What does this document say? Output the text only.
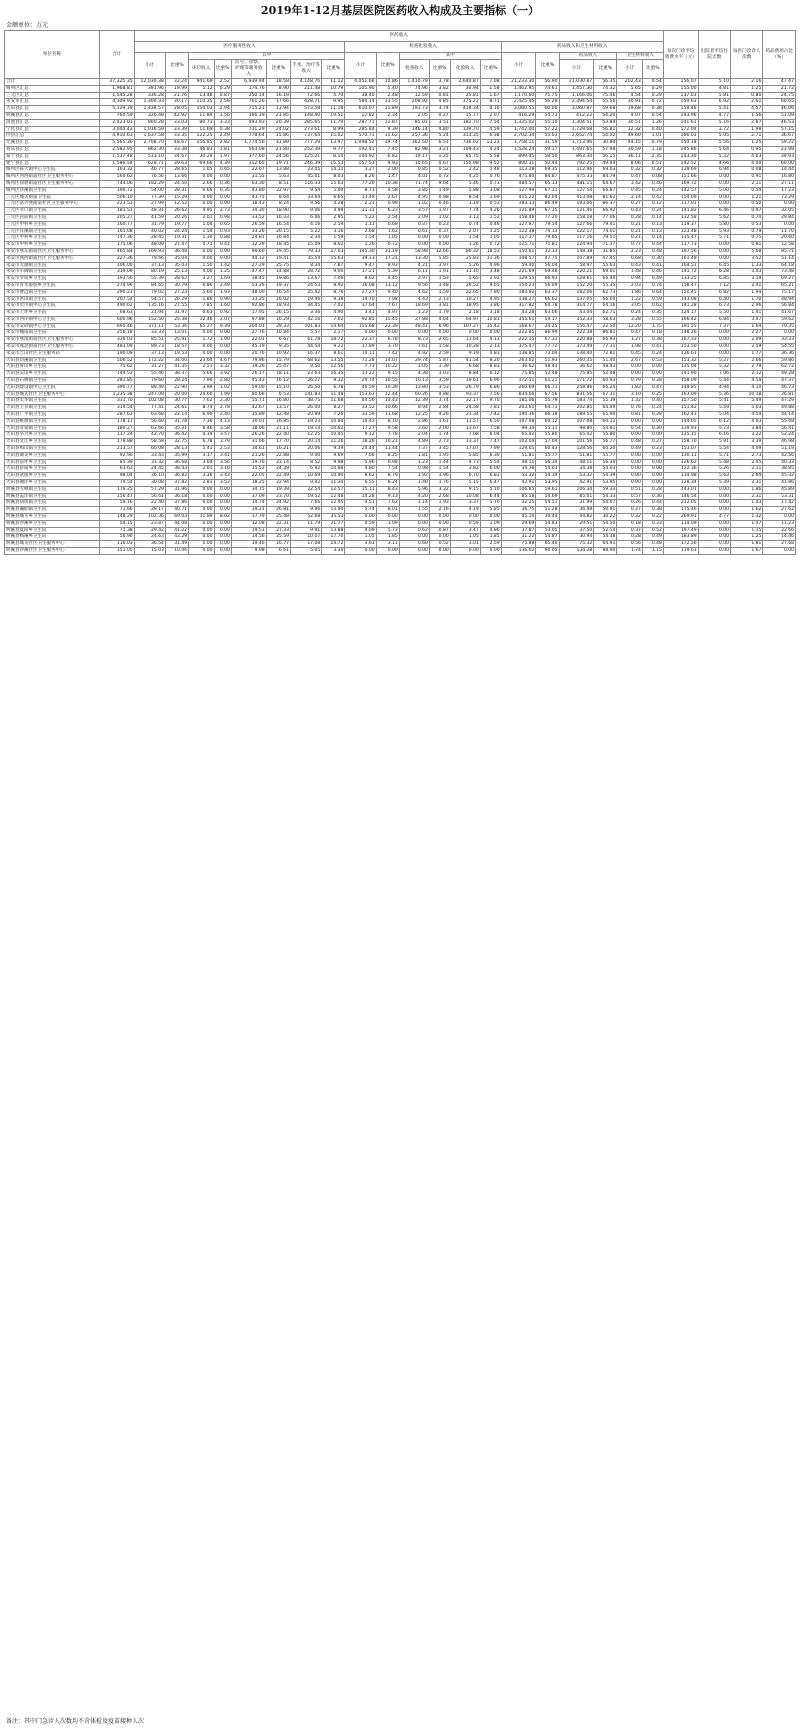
2019年1-12月基层医院医药收入构成及主要指标（一）
金额单位：万元
单位名称	合计	医药收入																				每次门诊平均收费水平（元）	出院者平均住院天数	每医门诊诊人次数	药品费用占比（%）
		医疗服务性收入								检查化验收入						药品收入和卫生材料收入									
		小计	比重%	其中						小计	比重%	其中				小计	比重%	药品收入		卫生材料收入					
				床位收入	比重%	挂号、诊察、护理等服务收入	比重%	手术、治疗等收入	比重%			检查收入	比重%	化验收入	比重%			小计	比重%	小计	比重%				
合计	37,325.35	12,030.38	32.24	941.69	2.52	6,939.94	18.59	4,148.76	11.12	4,051.66	10.86	1,410.79	3.78	2,640.87	7.08	21,233.30	56.90	21,030.87	56.35	202.43	0.54	156.07	5.10	2.16	47.47
梅列区汇总	1,968.81	391.96	19.99	5.12	0.29	174.76	8.90	211.48	10.79	105.90	5.40	74.96	3.82	30.94	1.58	1,462.95	74.61	1,457.30	74.32	5.65	0.29	155.00	4.81	1.25	21.72
三元区汇总	1,545.28	336.28	21.76	13.48	0.87	250.14	16.19	72.66	4.70	38.40	2.48	12.59	0.81	25.81	1.67	1,170.60	75.75	1,166.06	75.46	4.54	0.29	137.03	5.81	0.80	24.75
永安市汇总	4,309.92	1,300.33	30.17	110.35	2.56	761.26	17.66	428.71	9.95	584.14	13.55	208.92	4.85	375.22	8.71	2,425.45	56.28	2,394.54	55.56	30.91	0.72	159.63	6.92	2.61	60.65
大田县汇总	5,129.19	1,438.57	28.05	150.03	2.94	715.21	13.94	573.58	11.18	610.07	11.89	191.73	3.74	418.34	8.16	3,080.55	60.06	3,060.87	59.68	19.68	0.38	158.46	5.41	4.57	46.06
明溪县汇总	760.59	326.48	42.92	11.89	1.56	166.19	21.85	148.40	19.51	17.82	2.34	2.05	0.27	15.77	2.07	416.29	54.73	412.22	54.20	4.07	0.54	193.96	4.77	1.56	51.09
清流县汇总	2,423.01	800.28	33.03	80.71	3.33	493.93	20.39	285.65	11.79	287.71	11.87	85.01	3.51	182.70	7.54	1,335.02	55.10	1,304.51	53.84	30.51	1.26	141.61	5.16	2.67	46.53
宁化县汇总	3,044.43	1,016.59	33.39	11.69	0.38	731.29	24.02	273.61	8.99	285.84	9.39	146.14	4.80	139.70	4.59	1,742.00	57.22	1,729.68	56.81	12.32	0.40	172.04	3.72	1.98	57.15
沙县汇总	4,910.63	1,637.58	33.35	122.25	2.49	778.64	15.86	737.64	15.02	570.71	11.62	257.36	5.24	313.35	6.38	2,702.34	55.03	2,652.74	54.02	49.60	1.01	166.03	5.05	2.71	36.67
尤溪县汇总	5,565.36	2,708.70	48.67	156.85	2.82	1,774.56	31.89	777.29	13.97	1,098.52	19.74	362.50	6.51	736.02	13.23	1,758.11	31.59	1,713.96	30.80	44.15	0.79	150.18	5.56	1.25	59.22
将乐县汇总	2,582.95	862.30	33.38	46.83	1.81	563.08	21.80	252.39	9.77	192.41	7.45	82.98	3.21	109.43	4.24	1,528.24	59.17	1,497.65	57.98	30.59	1.18	145.86	5.64	0.95	23.98
泰宁县汇总	1,537.48	533.10	34.67	30.29	1.97	377.60	24.56	125.21	8.14	104.92	6.82	19.17	1.25	85.75	5.58	899.45	58.50	863.34	56.15	36.11	2.35	143.30	5.32	4.63	39.93
建宁县汇总	1,586.54	628.71	39.63	69.66	4.39	312.65	19.71	246.39	15.53	157.53	9.93	10.65	0.67	150.98	9.52	800.31	50.44	792.25	49.94	8.06	0.51	142.52	4.66	4.00	60.00
梅列区陈大镇中心卫生院	163.32	46.77	28.65	1.05	0.65	22.67	13.88	23.05	14.11	3.27	2.00	0.85	0.52	2.42	1.48	113.28	69.35	112.96	69.03	0.32	0.32	139.69	6.94	0.08	14.44
梅列区列西街道社区卫生服务中心	560.62	76.56	13.66	0.00	0.00	31.55	5.63	45.01	8.03	8.26	1.47	4.01	0.72	4.25	0.76	475.80	84.87	475.33	84.79	0.47	0.08	151.66	0.00	0.91	16.80
梅列区徐碧街道社区卫生服务中心	744.06	182.29	24.50	2.66	0.36	63.30	8.51	116.33	15.63	77.20	10.38	71.74	9.64	5.46	0.73	484.57	65.13	481.15	64.67	3.42	0.46	169.72	0.00	2.11	27.11
梅列区洋溪镇卫生院	190.72	54.00	28.31	0.66	0.35	43.80	22.97	9.54	5.00	8.73	4.58	2.85	1.49	5.88	3.08	127.99	67.11	127.54	66.87	0.45	0.24	142.57	5.00	0.54	17.23
三元区城关街道卫生院	506.10	77.39	15.29	0.00	0.00	43.75	8.64	33.64	6.65	13.49	2.67	4.95	0.98	8.54	1.69	415.22	82.04	413.08	81.62	2.14	0.42	154.09	0.00	1.21	73.29
三元区富兴堡街道社区卫生服务中心	223.53	27.99	12.52	0.00	0.00	18.43	8.24	9.56	4.28	2.21	0.99	1.02	0.46	1.19	0.53	193.33	86.49	193.06	86.37	0.27	0.12	117.01	0.00	0.50	0.00
三元区莘口镇卫生院	181.51	48.31	26.62	4.95	2.73	34.30	18.90	9.06	4.99	11.31	6.23	3.57	1.97	7.74	4.26	121.89	67.15	121.46	66.92	0.43	0.24	141.82	6.46	0.97	32.05
三元区岩前镇卫生院	205.27	41.59	20.26	2.01	0.98	33.52	16.33	6.06	2.95	5.22	2.54	2.09	1.02	3.13	1.52	158.46	77.20	158.18	77.06	0.28	0.14	132.58	5.62	0.74	29.84
三元区中村乡卫生院	160.77	31.79	19.77	1.04	0.65	26.59	16.54	4.16	2.59	1.11	0.69	0.37	0.23	0.74	0.46	127.87	79.54	127.66	79.41	0.21	0.13	119.37	5.80	0.53	0.00
三元区洋溪镇卫生院	165.08	40.02	24.24	1.54	0.93	33.26	20.15	5.22	3.16	2.68	1.62	0.61	0.37	2.07	1.25	122.38	74.13	122.17	74.01	0.21	0.13	123.48	5.93	0.79	11.70
三元区中村乡卫生院	147.36	28.45	19.31	1.30	0.88	24.81	16.84	2.34	1.59	1.54	1.05	0.00	0.00	1.54	1.05	117.37	79.65	117.16	79.51	0.21	0.14	135.47	5.71	0.75	20.60
永安市中村乡卫生院	175.06	48.09	27.47	0.71	0.41	32.29	18.45	15.09	8.62	1.26	0.72	0.00	0.00	1.26	0.72	125.71	71.81	124.94	71.37	0.77	0.44	117.73	0.00	0.81	12.58
永安市燕东街道社区卫生服务中心	465.84	169.93	36.48	0.00	0.00	90.60	19.45	79.33	17.03	145.30	31.19	58.98	12.66	86.32	18.53	150.61	32.33	148.38	31.85	2.23	0.48	187.56	0.00	5.68	85.71
永安市燕西街道社区卫生服务中心	227.36	79.66	35.04	0.00	0.00	44.12	19.41	35.54	15.63	39.13	17.21	13.30	5.85	25.83	11.36	108.57	47.75	107.89	47.45	0.68	0.30	161.49	0.00	3.52	51.14
永安市大湖镇卫生院	106.00	37.13	35.03	1.50	1.42	27.29	25.75	8.34	7.87	9.47	8.93	4.21	3.97	5.26	4.96	59.40	56.04	58.97	55.63	0.43	0.41	164.51	6.45	1.33	64.18
永安市小陶镇卫生院	319.09	80.19	25.13	4.00	1.25	47.47	14.88	28.72	9.00	17.21	5.39	6.11	1.91	11.10	3.48	221.69	69.48	220.21	69.01	1.48	0.46	141.72	6.28	3.03	73.48
永安市罗坊乡卫生院	193.56	55.39	28.62	3.27	1.69	38.45	19.86	13.67	7.06	8.62	4.45	2.97	1.53	5.65	2.92	129.55	66.93	128.61	66.44	0.94	0.49	133.25	6.85	3.19	69.27
永安市青水畲族乡卫生院	274.96	84.65	30.79	6.86	2.49	53.26	19.37	24.53	8.92	36.08	13.12	9.56	3.48	26.52	9.65	154.23	56.09	152.20	55.35	2.03	0.74	158.47	7.12	2.41	65.21
永安市曹远镇卫生院	290.21	79.02	27.23	5.60	1.93	48.00	16.54	25.42	8.76	27.27	9.40	4.62	1.59	22.65	7.80	183.92	63.37	182.06	62.73	1.86	0.64	150.45	6.82	1.94	75.17
永安市洪田镇卫生院	207.54	54.57	26.29	1.86	0.90	33.25	16.02	19.46	9.38	14.70	7.08	4.43	2.13	10.27	4.95	138.27	66.62	137.05	66.04	1.22	0.59	143.08	6.40	1.70	48.94
永安市贡川镇中心卫生院	490.62	135.16	27.55	7.85	1.60	92.86	18.93	34.45	7.02	37.64	7.67	18.69	3.81	18.95	3.86	317.82	64.78	314.77	64.16	3.05	0.62	141.28	6.73	2.96	56.84
永安市上坪乡卫生院	68.63	21.94	31.97	0.63	0.92	17.95	26.15	3.36	4.90	3.41	4.97	1.23	1.79	2.18	3.18	43.28	63.06	43.04	62.71	0.24	0.35	124.17	5.50	1.41	41.67
永安市西洋镇中心卫生院	600.96	152.50	25.38	12.46	2.07	97.88	16.29	42.16	7.02	92.85	15.45	27.88	4.64	64.97	10.81	355.61	59.17	352.33	58.63	3.28	0.55	166.42	6.84	3.47	59.62
永安市安砂镇中心卫生院	695.46	371.11	53.36	65.27	9.39	204.01	29.33	101.83	14.64	155.68	22.39	48.41	6.96	107.27	15.42	168.67	24.25	156.47	22.50	12.20	1.75	191.55	7.37	1.64	70.35
永安市槐南镇卫生院	256.18	33.33	13.01	0.00	0.00	27.76	10.84	5.57	2.17	0.00	0.00	0.00	0.00	0.00	0.00	222.85	86.99	222.38	86.81	0.47	0.18	148.26	0.00	2.27	0.00
永安市燕南街道社区卫生服务中心	330.03	85.51	25.91	1.72	1.00	22.01	6.67	61.78	18.72	22.37	6.78	8.73	2.65	13.64	4.13	222.15	67.31	220.88	66.93	1.27	0.38	167.33	0.00	2.09	33.33
永安市燕北街道社区卫生服务中心	483.09	89.73	18.57	0.00	0.00	45.19	9.35	44.54	9.22	17.89	3.70	7.61	1.58	10.28	2.13	375.47	77.72	373.49	77.31	1.98	0.41	153.50	0.00	2.59	54.55
永安市吉山社区卫生服务站	190.09	37.13	19.53	0.00	0.00	20.76	10.92	16.37	8.61	14.11	7.42	4.92	2.59	9.19	4.83	138.85	73.04	138.40	72.81	0.45	0.24	136.61	0.00	1.77	36.36
大田县均溪镇卫生院	506.52	172.22	34.00	23.64	4.67	79.96	15.79	68.62	13.55	71.28	14.07	29.74	5.87	41.54	8.20	263.02	51.93	260.35	51.40	2.67	0.53	153.32	5.27	2.66	59.86
大田县屏山乡卫生院	75.62	31.27	41.35	2.51	3.32	19.26	25.47	9.50	12.56	7.73	10.22	1.05	1.39	6.68	8.83	36.62	48.43	36.62	48.43	0.00	0.00	135.04	5.32	2.79	62.72
大田县吴山乡卫生院	144.53	55.46	38.37	5.66	3.92	26.17	18.11	23.63	16.35	13.22	9.15	4.38	3.03	8.84	6.12	75.85	52.48	75.85	52.48	0.00	0.00	141.90	7.06	2.12	49.28
大田县石牌镇卫生院	281.85	79.60	28.24	7.90	2.80	45.43	16.12	26.27	9.32	29.74	10.55	10.13	3.59	19.61	6.96	172.51	61.21	171.72	60.93	0.79	0.28	158.09	5.44	4.54	47.37
大田县建设镇中心卫生院	390.77	89.49	22.90	3.99	1.02	59.00	15.10	26.50	6.78	40.59	10.39	13.80	3.53	26.79	6.86	260.69	66.71	258.86	66.24	1.83	0.47	149.85	4.94	4.10	46.73
大田县城关社区卫生服务中心	1,235.38	247.09	20.00	24.60	1.99	80.66	6.53	141.83	11.48	153.63	12.44	60.26	4.88	93.37	7.56	834.66	67.56	831.56	67.31	3.10	0.25	163.09	5.36	10.18	26.81
大田县太华镇卫生院	331.70	102.08	30.77	7.62	2.30	55.71	16.80	38.75	11.68	44.56	13.43	12.39	3.74	32.17	9.70	185.06	55.79	183.74	55.39	1.32	0.40	157.50	5.41	5.49	47.29
大田县上京镇卫生院	314.54	77.41	24.61	8.74	2.78	42.67	13.57	26.00	8.27	33.52	10.66	8.94	2.84	24.58	7.81	203.61	64.73	202.85	64.49	0.76	0.24	151.42	5.59	5.03	49.88
大田县广平镇卫生院	287.63	63.68	22.14	6.90	2.40	35.89	12.48	20.89	7.26	33.59	11.68	12.25	4.26	21.34	7.42	190.36	66.18	189.55	65.90	0.81	0.28	162.41	5.04	4.54	44.14
大田县桃源镇卫生院	178.11	56.60	31.78	7.36	4.13	30.01	16.85	19.23	10.80	14.43	8.10	2.86	1.61	11.57	6.50	107.08	60.12	107.08	60.12	0.00	0.00	144.05	6.12	4.03	55.68
大田县奇韬镇卫生院	180.27	63.66	35.31	6.46	3.58	38.06	21.11	19.14	10.62	17.27	9.58	3.60	2.00	13.67	7.58	99.34	55.11	98.80	54.81	0.54	0.30	139.93	5.73	3.84	56.41
大田县华兴乡卫生院	117.24	42.70	36.42	4.19	3.57	26.26	22.40	12.25	10.45	9.12	7.78	2.04	1.74	7.08	6.04	65.42	55.80	65.42	55.80	0.00	0.00	135.15	6.16	3.22	52.24
大田县文江乡卫生院	178.88	58.58	32.75	6.78	3.79	31.66	17.70	20.14	11.26	18.26	10.21	4.89	2.73	13.37	7.47	102.04	57.04	101.56	56.77	0.48	0.27	158.70	5.91	3.39	46.98
大田县梅山镇卫生院	213.57	60.08	28.13	5.41	2.53	34.61	16.21	20.06	9.39	24.44	11.44	7.37	3.45	17.07	7.99	129.05	60.43	128.56	60.20	0.49	0.23	153.07	5.54	4.09	51.19
大田县湖美乡卫生院	92.90	33.43	35.99	3.17	3.41	21.26	22.88	9.00	9.69	7.66	8.25	1.81	1.95	5.85	6.30	51.81	55.77	51.81	55.77	0.00	0.00	130.11	5.71	2.73	42.56
大田县前坪乡卫生院	85.39	31.32	36.68	3.04	3.56	19.76	23.14	8.52	9.98	5.96	6.98	1.23	1.44	4.73	5.54	48.11	56.34	48.11	56.34	0.00	0.00	126.62	5.48	2.45	40.33
大田县济阳乡卫生院	63.63	24.45	38.43	2.01	3.16	15.52	24.39	6.92	10.88	4.80	7.54	0.98	1.54	3.82	6.00	34.38	54.03	34.38	54.03	0.00	0.00	122.36	5.26	2.11	38.85
大田县武陵乡卫生院	98.04	36.10	36.82	3.36	3.43	22.05	22.49	10.69	10.90	8.62	8.79	1.92	1.96	6.70	6.83	53.32	54.39	53.32	54.39	0.00	0.00	134.98	5.63	2.64	45.32
大田县谢洋乡卫生院	79.54	30.08	37.82	2.81	3.53	18.25	22.94	9.02	11.34	6.55	8.24	1.40	1.76	5.15	6.47	42.91	53.95	42.91	53.95	0.00	0.00	128.34	5.39	2.31	41.86
明溪县雪峰镇卫生院	179.25	57.29	31.96	0.00	0.00	34.75	19.39	22.54	12.57	15.11	8.43	5.96	3.32	9.15	5.10	106.85	59.61	106.34	59.33	0.51	0.28	143.01	0.00	1.86	45.89
明溪县盖洋镇卫生院	156.47	56.61	36.18	0.00	0.00	37.09	23.70	19.52	12.48	14.28	9.13	4.20	2.68	10.08	6.44	85.58	54.69	85.01	54.33	0.57	0.36	146.54	0.00	2.31	53.31
明溪县胡坊镇卫生院	59.16	22.40	37.86	0.00	0.00	14.74	24.92	7.66	12.95	4.51	7.62	1.14	1.93	3.37	5.70	32.25	54.51	31.99	54.07	0.26	0.44	212.05	0.00	1.43	17.42
明溪县瀚仙镇卫生院	71.66	29.17	40.71	0.00	0.00	19.21	26.81	9.96	13.90	5.74	8.01	1.55	2.16	4.19	5.85	36.75	51.28	36.48	50.91	0.27	0.38	175.46	0.00	1.62	27.62
明溪县城关乡卫生院	148.29	102.36	69.03	11.89	8.02	37.79	25.48	52.68	35.53	0.00	0.00	0.00	0.00	0.00	0.00	45.14	30.44	44.82	30.22	0.32	0.22	269.91	4.77	1.32	0.00
明溪县沙溪乡卫生院	54.15	23.87	44.08	0.00	0.00	12.08	22.31	11.79	21.77	0.59	1.09	0.00	0.00	0.59	1.09	29.69	54.83	29.51	54.50	0.18	0.33	114.09	0.00	1.47	11.23
明溪县夏阳乡卫生院	71.38	29.42	41.22	0.00	0.00	19.51	27.33	9.91	13.88	4.09	5.73	0.62	0.87	3.47	4.86	37.87	53.05	37.50	52.54	0.37	0.52	197.49	0.00	1.15	22.66
明溪县枫溪乡卫生院	56.90	24.63	43.29	0.00	0.00	14.56	25.59	10.07	17.70	1.05	1.85	0.00	0.00	1.05	1.85	31.22	54.87	30.94	54.38	0.28	0.49	183.89	0.00	1.25	14.46
明溪县城关社区卫生服务中心	116.03	36.54	31.49	0.00	0.00	19.46	16.77	17.08	14.72	3.61	3.11	0.60	0.52	3.01	2.59	75.88	65.40	75.32	64.91	0.56	0.48	172.56	0.00	1.81	27.68
明溪县沙溪社区卫生服务中心	151.05	15.03	10.06	0.00	0.00	9.98	6.61	5.05	3.34	0.00	0.00	0.00	0.00	0.00	0.00	136.02	90.05	134.28	88.90	1.74	1.15	119.61	0.00	1.67	0.00
备注：其中门急诊人次数均不含体检及疫苗接种人次
